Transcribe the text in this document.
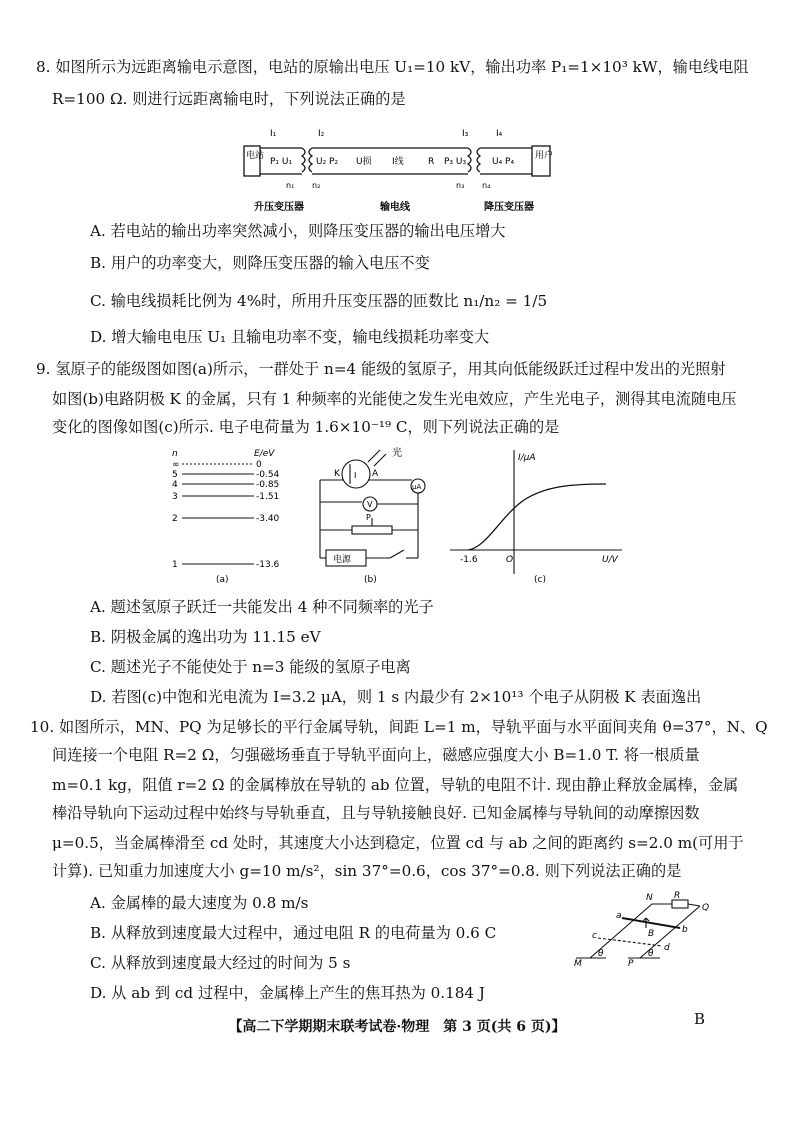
8. 如图所示为远距离输电示意图，电站的原输出电压 U₁=10 kV，输出功率 P₁=1×10³ kW，输电线电阻
R=100 Ω. 则进行远距离输电时，下列说法正确的是
电站	用户
I₁	I₂	I₃	I₄
P₁ U₁	U₂ P₂ U损 I线	R P₃ U₃	U₄ P₄
n₁ n₂	n₃ n₄
升压变压器	输电线	降压变压器
A. 若电站的输出功率突然减小，则降压变压器的输出电压增大
B. 用户的功率变大，则降压变压器的输入电压不变
C. 输电线损耗比例为 4%时，所用升压变压器的匝数比 n₁/n₂ = 1/5
D. 增大输电电压 U₁ 且输电功率不变，输电线损耗功率变大
9. 氢原子的能级图如图(a)所示，一群处于 n=4 能级的氢原子，用其向低能级跃迁过程中发出的光照射
如图(b)电路阴极 K 的金属，只有 1 种频率的光能使之发生光电效应，产生光电子，测得其电流随电压
变化的图像如图(c)所示. 电子电荷量为 1.6×10⁻¹⁹ C，则下列说法正确的是
n	E/eV
∞	0
5	-0.54
4	-0.85
3	-1.51
2	-3.40
1	-13.6
(a)
光
K I A
μA
V
P
电源
(b)
I/μA
U/V
-1.6	O
(c)
A. 题述氢原子跃迁一共能发出 4 种不同频率的光子
B. 阴极金属的逸出功为 11.15 eV
C. 题述光子不能使处于 n=3 能级的氢原子电离
D. 若图(c)中饱和光电流为 I=3.2 μA，则 1 s 内最少有 2×10¹³ 个电子从阴极 K 表面逸出
10. 如图所示，MN、PQ 为足够长的平行金属导轨，间距 L=1 m，导轨平面与水平面间夹角 θ=37°，N、Q
间连接一个电阻 R=2 Ω，匀强磁场垂直于导轨平面向上，磁感应强度大小 B=1.0 T. 将一根质量
m=0.1 kg，阻值 r=2 Ω 的金属棒放在导轨的 ab 位置，导轨的电阻不计. 现由静止释放金属棒，金属
棒沿导轨向下运动过程中始终与导轨垂直，且与导轨接触良好. 已知金属棒与导轨间的动摩擦因数
μ=0.5，当金属棒滑至 cd 处时，其速度大小达到稳定，位置 cd 与 ab 之间的距离约 s=2.0 m(可用于
计算). 已知重力加速度大小 g=10 m/s²，sin 37°=0.6，cos 37°=0.8. 则下列说法正确的是
A. 金属棒的最大速度为 0.8 m/s
B. 从释放到速度最大过程中，通过电阻 R 的电荷量为 0.6 C
C. 从释放到速度最大经过的时间为 5 s
D. 从 ab 到 cd 过程中，金属棒上产生的焦耳热为 0.184 J
N R
Q
a
b
B
c
d
M	P
θ	θ
【高二下学期期末联考试卷·物理　第 3 页(共 6 页)】	B
